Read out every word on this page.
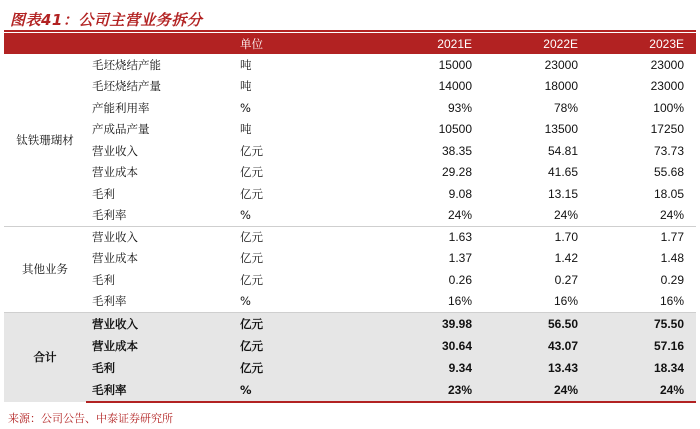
图表41：公司主营业务拆分
		单位	2021E	2022E	2023E
钛铁珊瑚材	毛坯烧结产能	吨	15000	23000	23000
	毛坯烧结产量	吨	14000	18000	23000
	产能利用率	%	93%	78%	100%
	产成品产量	吨	10500	13500	17250
	营业收入	亿元	38.35	54.81	73.73
	营业成本	亿元	29.28	41.65	55.68
	毛利	亿元	9.08	13.15	18.05
	毛利率	%	24%	24%	24%
其他业务	营业收入	亿元	1.63	1.70	1.77
	营业成本	亿元	1.37	1.42	1.48
	毛利	亿元	0.26	0.27	0.29
	毛利率	%	16%	16%	16%
合计	营业收入	亿元	39.98	56.50	75.50
	营业成本	亿元	30.64	43.07	57.16
	毛利	亿元	9.34	13.43	18.34
	毛利率	%	23%	24%	24%
来源：公司公告、中泰证券研究所
